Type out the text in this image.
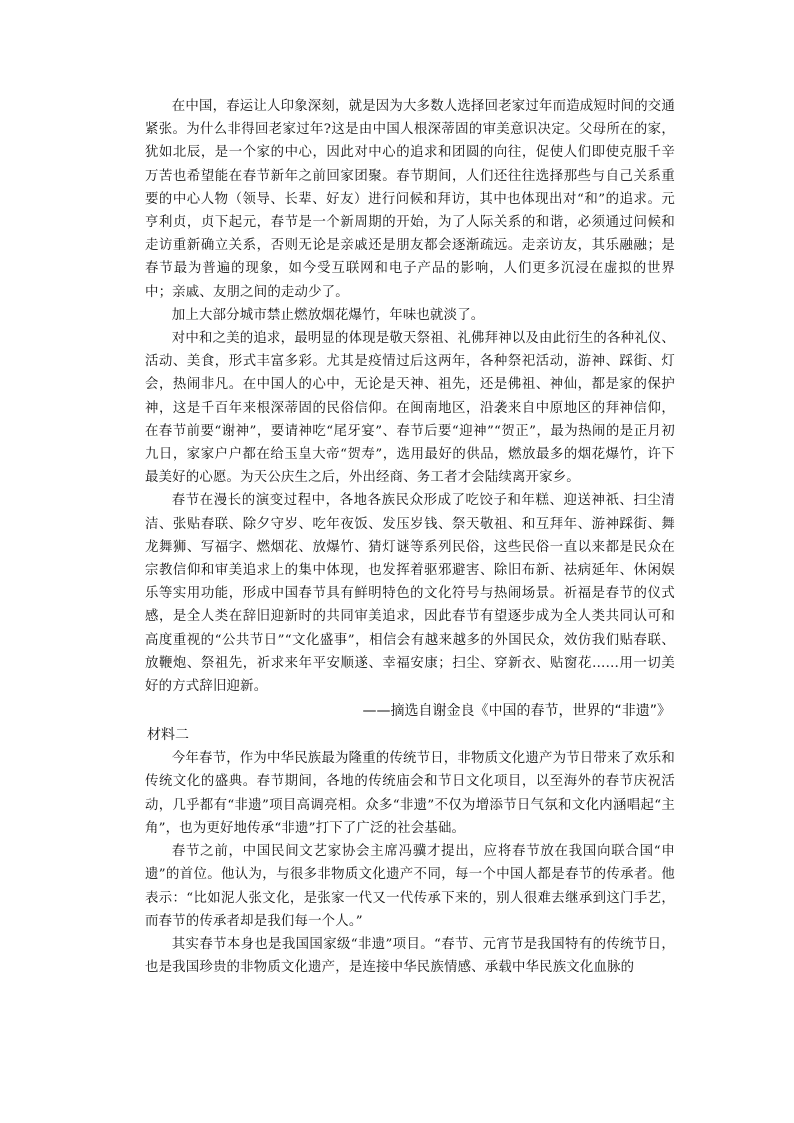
在中国，春运让人印象深刻，就是因为大多数人选择回老家过年而造成短时间的交通紧张。为什么非得回老家过年?这是由中国人根深蒂固的审美意识决定。父母所在的家，犹如北辰，是一个家的中心，因此对中心的追求和团圆的向往，促使人们即使克服千辛万苦也希望能在春节新年之前回家团聚。春节期间，人们还往往选择那些与自己关系重要的中心人物（领导、长辈、好友）进行问候和拜访，其中也体现出对“和”的追求。元亨利贞，贞下起元，春节是一个新周期的开始，为了人际关系的和谐，必须通过问候和走访重新确立关系，否则无论是亲戚还是朋友都会逐渐疏远。走亲访友，其乐融融；是春节最为普遍的现象，如今受互联网和电子产品的影响，人们更多沉浸在虚拟的世界中；亲戚、友朋之间的走动少了。

加上大部分城市禁止燃放烟花爆竹，年味也就淡了。

对中和之美的追求，最明显的体现是敬天祭祖、礼佛拜神以及由此衍生的各种礼仪、活动、美食，形式丰富多彩。尤其是疫情过后这两年，各种祭祀活动，游神、踩街、灯会，热闹非凡。在中国人的心中，无论是天神、祖先，还是佛祖、神仙，都是家的保护神，这是千百年来根深蒂固的民俗信仰。在闽南地区，沿袭来自中原地区的拜神信仰，在春节前要“谢神”，要请神吃“尾牙宴”、春节后要“迎神”“贺正”，最为热闹的是正月初九日，家家户户都在给玉皇大帝“贺寿”，选用最好的供品，燃放最多的烟花爆竹，许下最美好的心愿。为天公庆生之后，外出经商、务工者才会陆续离开家乡。

春节在漫长的演变过程中，各地各族民众形成了吃饺子和年糕、迎送神祇、扫尘清洁、张贴春联、除夕守岁、吃年夜饭、发压岁钱、祭天敬祖、和互拜年、游神踩街、舞龙舞狮、写福字、燃烟花、放爆竹、猜灯谜等系列民俗，这些民俗一直以来都是民众在宗教信仰和审美追求上的集中体现，也发挥着驱邪避害、除旧布新、祛病延年、休闲娱乐等实用功能，形成中国春节具有鲜明特色的文化符号与热闹场景。祈福是春节的仪式感，是全人类在辞旧迎新时的共同审美追求，因此春节有望逐步成为全人类共同认可和高度重视的“公共节日”“文化盛事”，相信会有越来越多的外国民众，效仿我们贴春联、放鞭炮、祭祖先，祈求来年平安顺遂、幸福安康；扫尘、穿新衣、贴窗花……用一切美好的方式辞旧迎新。

——摘选自谢金良《中国的春节，世界的“非遗”》

材料二

今年春节，作为中华民族最为隆重的传统节日，非物质文化遗产为节日带来了欢乐和传统文化的盛典。春节期间，各地的传统庙会和节日文化项目，以至海外的春节庆祝活动，几乎都有“非遗”项目高调亮相。众多“非遗”不仅为增添节日气氛和文化内涵唱起“主角”，也为更好地传承“非遗”打下了广泛的社会基础。

春节之前，中国民间文艺家协会主席冯骥才提出，应将春节放在我国向联合国“申遗”的首位。他认为，与很多非物质文化遗产不同，每一个中国人都是春节的传承者。他表示：“比如泥人张文化，是张家一代又一代传承下来的，别人很难去继承到这门手艺，而春节的传承者却是我们每一个人。”

其实春节本身也是我国国家级“非遗”项目。“春节、元宵节是我国特有的传统节日，也是我国珍贵的非物质文化遗产，是连接中华民族情感、承载中华民族文化血脉的
